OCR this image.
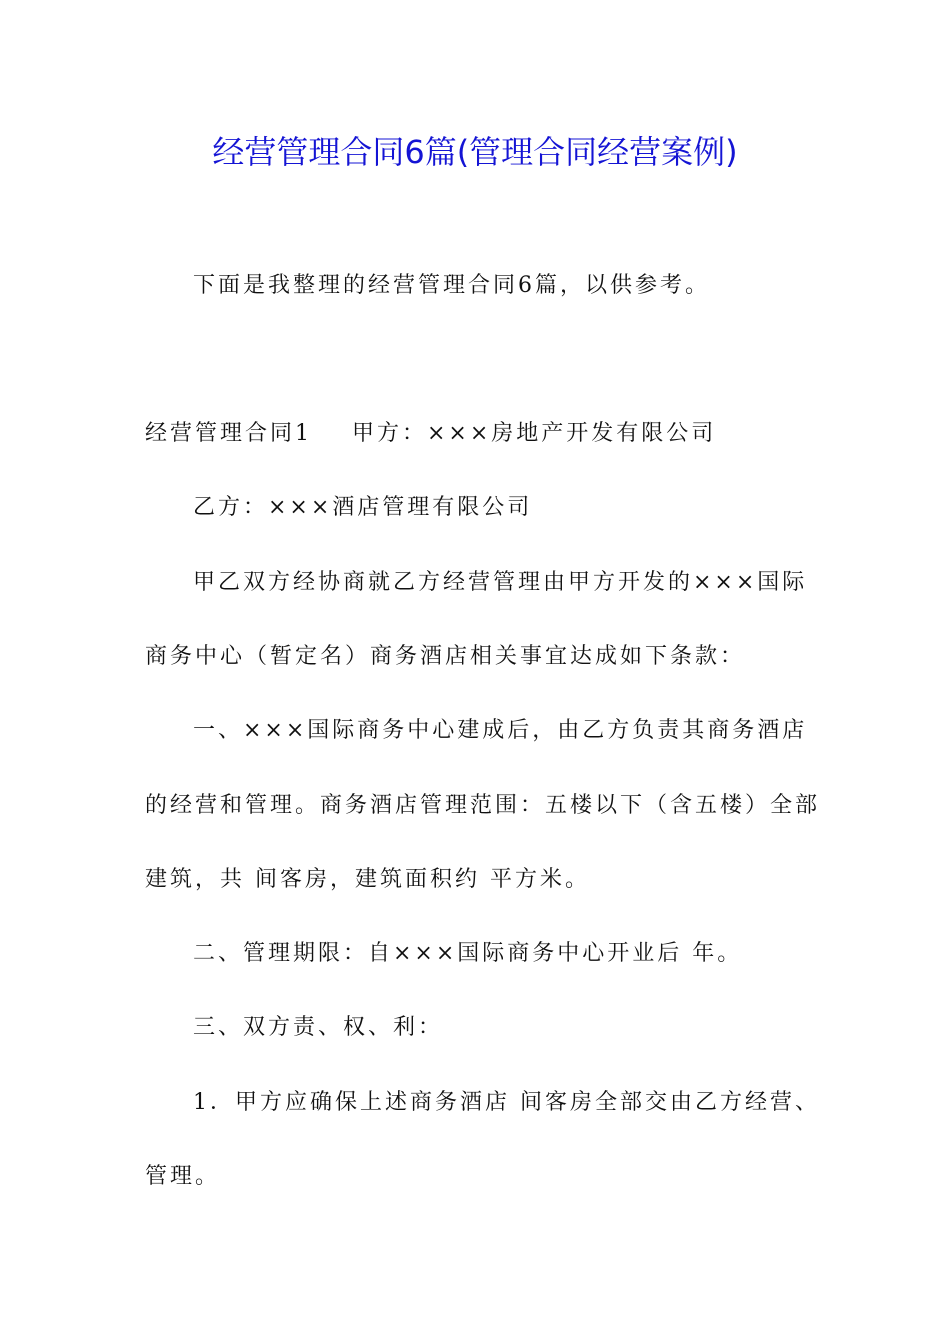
经营管理合同6篇(管理合同经营案例)
下面是我整理的经营管理合同6篇，以供参考。
经营管理合同1 甲方：×××房地产开发有限公司
乙方：×××酒店管理有限公司
甲乙双方经协商就乙方经营管理由甲方开发的×××国际
商务中心（暂定名）商务酒店相关事宜达成如下条款：
一、×××国际商务中心建成后，由乙方负责其商务酒店
的经营和管理。商务酒店管理范围：五楼以下（含五楼）全部
建筑，共 间客房，建筑面积约 平方米。
二、管理期限：自×××国际商务中心开业后 年。
三、双方责、权、利：
1．甲方应确保上述商务酒店 间客房全部交由乙方经营、
管理。
